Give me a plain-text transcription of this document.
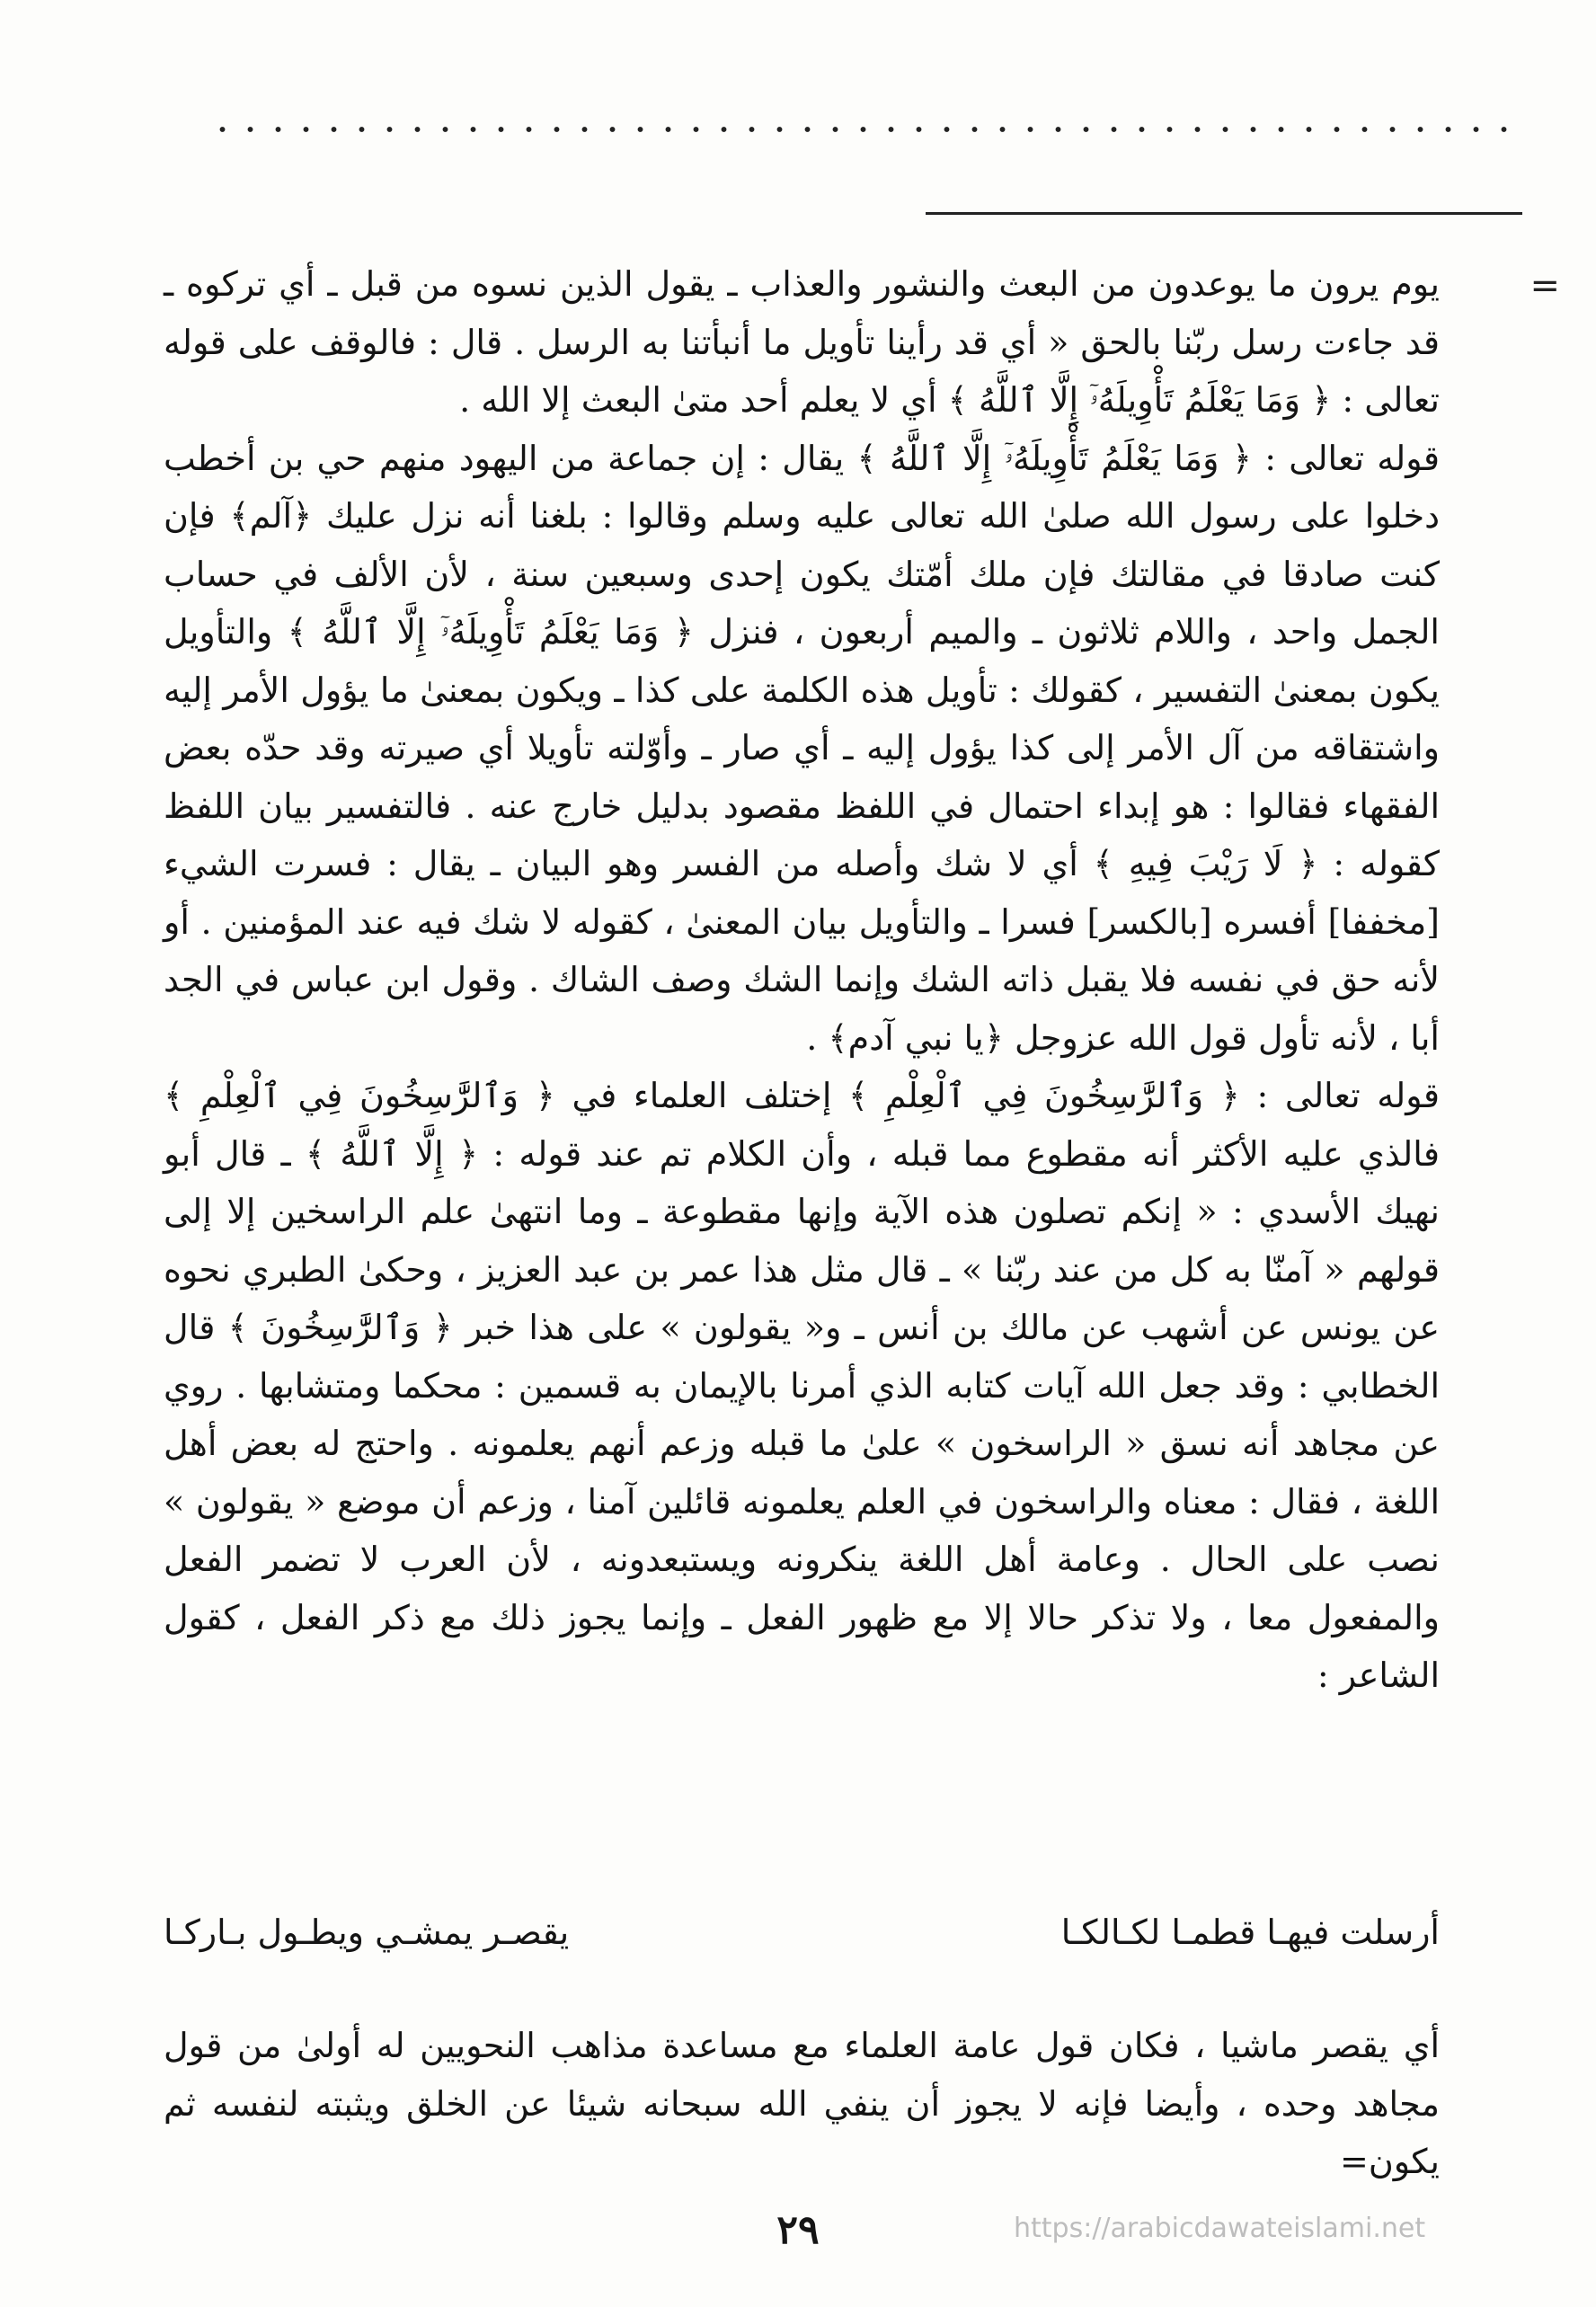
=

يوم يرون ما يوعدون من البعث والنشور والعذاب ـ يقول الذين نسوه من قبل ـ أي تركوه ـ قد جاءت رسل ربّنا بالحق « أي قد رأينا تأويل ما أنبأتنا به الرسل . قال : فالوقف على قوله تعالى : ﴿ وَمَا يَعْلَمُ تَأْوِيلَهُۥٓ إِلَّا ٱللَّهُ ﴾ أي لا يعلم أحد متىٰ البعث إلا الله .

قوله تعالى : ﴿ وَمَا يَعْلَمُ تَأْوِيلَهُۥٓ إِلَّا ٱللَّهُ ﴾ يقال : إن جماعة من اليهود منهم حي بن أخطب دخلوا على رسول الله صلىٰ الله تعالى عليه وسلم وقالوا : بلغنا أنه نزل عليك ﴿آلم﴾ فإن كنت صادقا في مقالتك فإن ملك أمّتك يكون إحدى وسبعين سنة ، لأن الألف في حساب الجمل واحد ، واللام ثلاثون ـ والميم أربعون ، فنزل ﴿ وَمَا يَعْلَمُ تَأْوِيلَهُۥٓ إِلَّا ٱللَّهُ ﴾ والتأويل يكون بمعنىٰ التفسير ، كقولك : تأويل هذه الكلمة على كذا ـ ويكون بمعنىٰ ما يؤول الأمر إليه واشتقاقه من آل الأمر إلى كذا يؤول إليه ـ أي صار ـ وأوّلته تأويلا أي صيرته وقد حدّه بعض الفقهاء فقالوا : هو إبداء احتمال في اللفظ مقصود بدليل خارج عنه . فالتفسير بيان اللفظ كقوله : ﴿ لَا رَيْبَ فِيهِ ﴾ أي لا شك وأصله من الفسر وهو البيان ـ يقال : فسرت الشيء [مخففا] أفسره [بالكسر] فسرا ـ والتأويل بيان المعنىٰ ، كقوله لا شك فيه عند المؤمنين . أو لأنه حق في نفسه فلا يقبل ذاته الشك وإنما الشك وصف الشاك . وقول ابن عباس في الجد أبا ، لأنه تأول قول الله عزوجل ﴿يا نبي آدم﴾ .

قوله تعالى : ﴿ وَٱلرَّٰسِخُونَ فِي ٱلْعِلْمِ ﴾ إختلف العلماء في ﴿ وَٱلرَّٰسِخُونَ فِي ٱلْعِلْمِ ﴾ فالذي عليه الأكثر أنه مقطوع مما قبله ، وأن الكلام تم عند قوله : ﴿ إِلَّا ٱللَّهُ ﴾ ـ قال أبو نهيك الأسدي : « إنكم تصلون هذه الآية وإنها مقطوعة ـ وما انتهىٰ علم الراسخين إلا إلى قولهم « آمنّا به كل من عند ربّنا » ـ قال مثل هذا عمر بن عبد العزيز ، وحكىٰ الطبري نحوه عن يونس عن أشهب عن مالك بن أنس ـ و« يقولون » على هذا خبر ﴿ وَٱلرَّٰسِخُونَ ﴾ قال الخطابي : وقد جعل الله آيات كتابه الذي أمرنا بالإيمان به قسمين : محكما ومتشابها . روي عن مجاهد أنه نسق « الراسخون » علىٰ ما قبله وزعم أنهم يعلمونه . واحتج له بعض أهل اللغة ، فقال : معناه والراسخون في العلم يعلمونه قائلين آمنا ، وزعم أن موضع « يقولون » نصب على الحال . وعامة أهل اللغة ينكرونه ويستبعدونه ، لأن العرب لا تضمر الفعل والمفعول معا ، ولا تذكر حالا إلا مع ظهور الفعل ـ وإنما يجوز ذلك مع ذكر الفعل ، كقول الشاعر :

أرسلت فيهـا قطمـا لكـالكـا
يقصـر يمشـي ويطـول بـاركـا

أي يقصر ماشيا ، فكان قول عامة العلماء مع مساعدة مذاهب النحويين له أولىٰ من قول مجاهد وحده ، وأيضا فإنه لا يجوز أن ينفي الله سبحانه شيئا عن الخلق ويثبته لنفسه ثم يكون=

٢٩	https://arabicdawateislami.net
